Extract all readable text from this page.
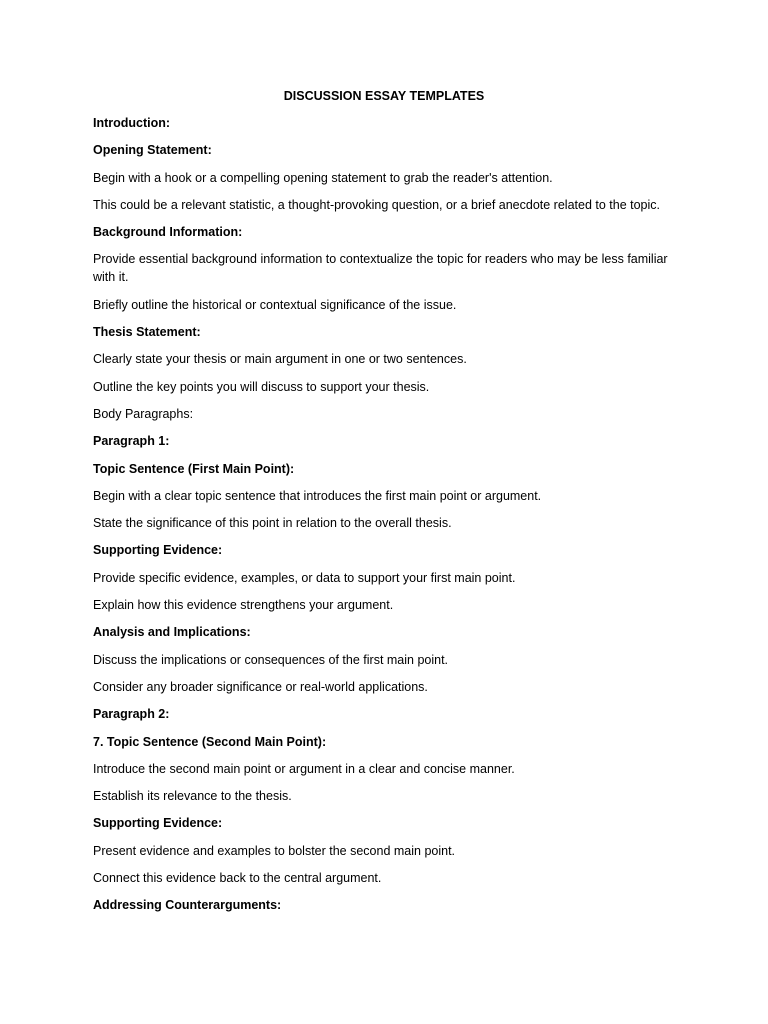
DISCUSSION ESSAY TEMPLATES

Introduction:

Opening Statement:

Begin with a hook or a compelling opening statement to grab the reader's attention.

This could be a relevant statistic, a thought-provoking question, or a brief anecdote related to the topic.

Background Information:

Provide essential background information to contextualize the topic for readers who may be less familiar with it.

Briefly outline the historical or contextual significance of the issue.

Thesis Statement:

Clearly state your thesis or main argument in one or two sentences.

Outline the key points you will discuss to support your thesis.

Body Paragraphs:

Paragraph 1:

Topic Sentence (First Main Point):

Begin with a clear topic sentence that introduces the first main point or argument.

State the significance of this point in relation to the overall thesis.

Supporting Evidence:

Provide specific evidence, examples, or data to support your first main point.

Explain how this evidence strengthens your argument.

Analysis and Implications:

Discuss the implications or consequences of the first main point.

Consider any broader significance or real-world applications.

Paragraph 2:

7. Topic Sentence (Second Main Point):

Introduce the second main point or argument in a clear and concise manner.

Establish its relevance to the thesis.

Supporting Evidence:

Present evidence and examples to bolster the second main point.

Connect this evidence back to the central argument.

Addressing Counterarguments:
